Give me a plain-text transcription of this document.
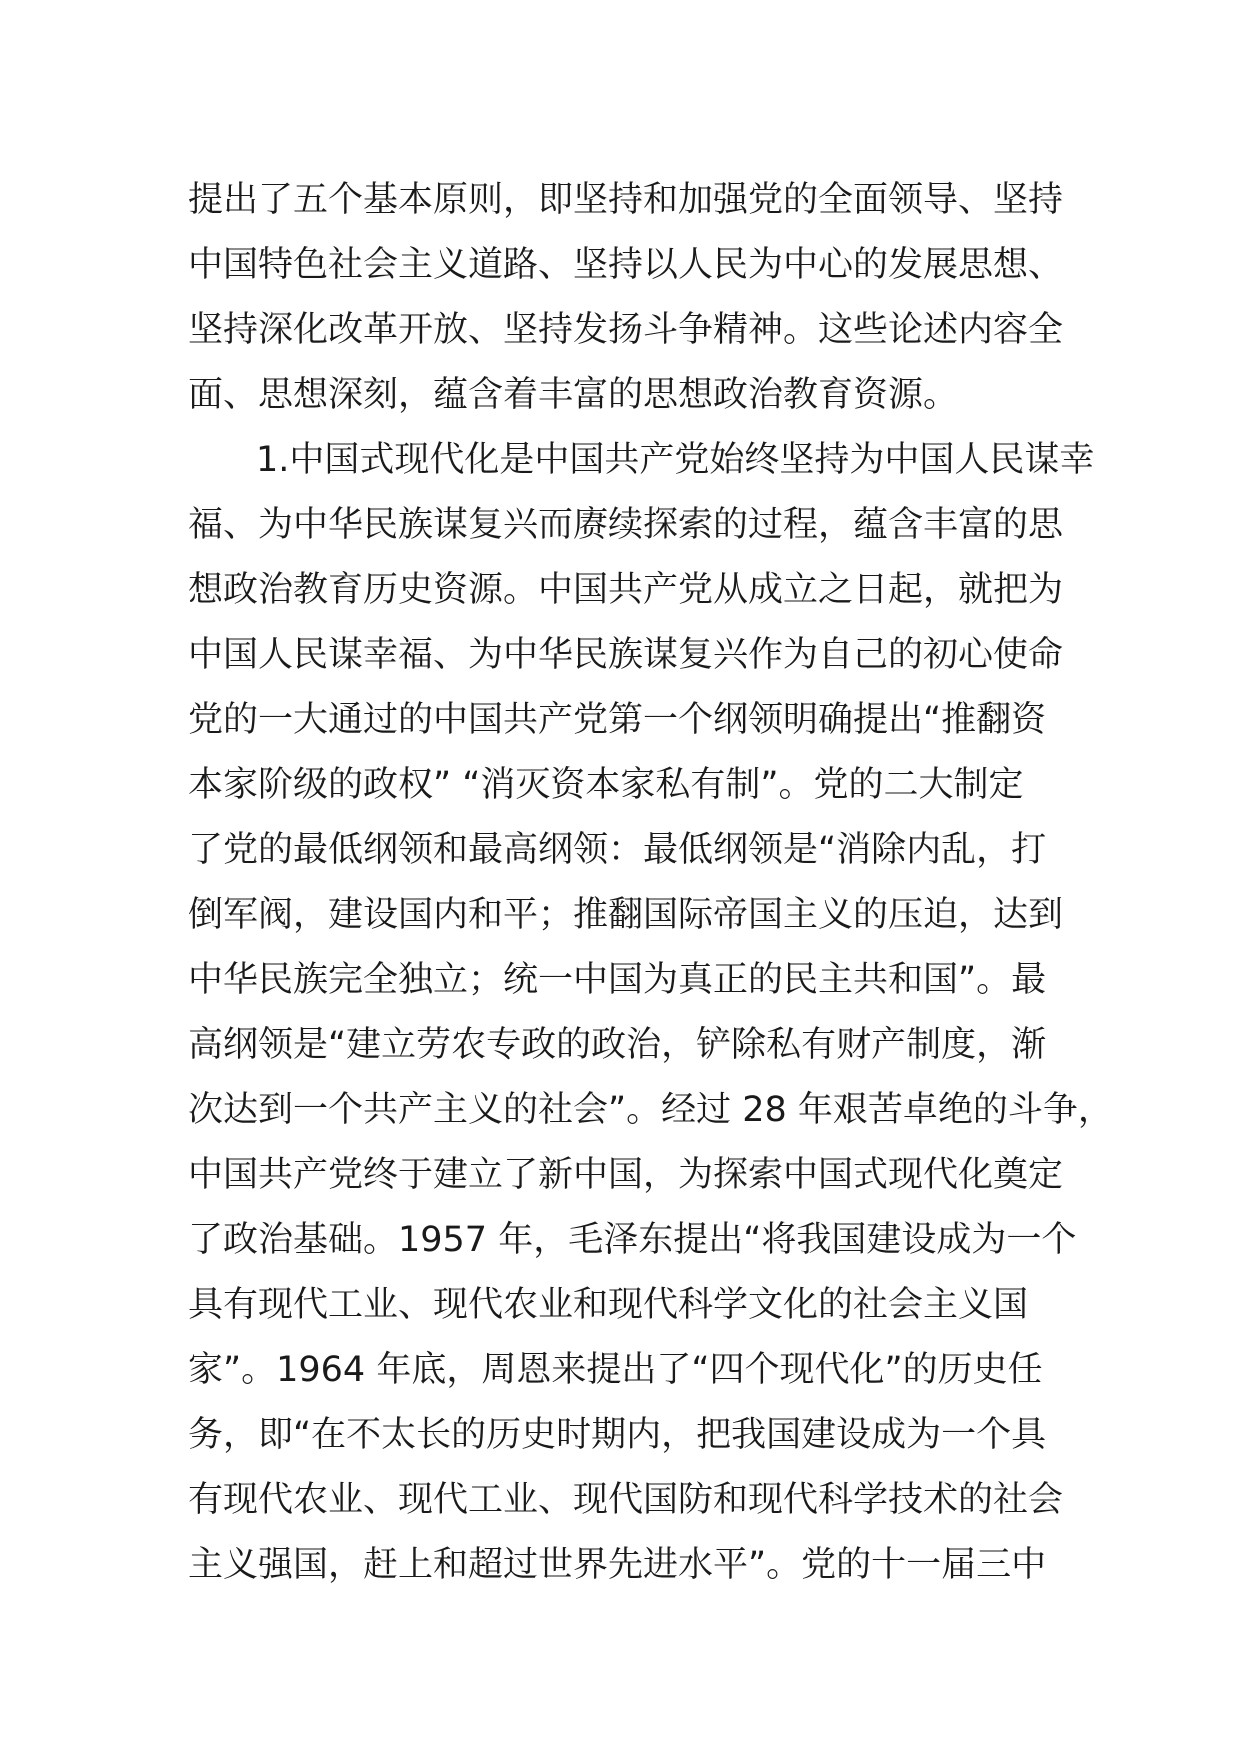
提出了五个基本原则，即坚持和加强党的全面领导、坚持
中国特色社会主义道路、坚持以人民为中心的发展思想、
坚持深化改革开放、坚持发扬斗争精神。这些论述内容全
面、思想深刻，蕴含着丰富的思想政治教育资源。
1.中国式现代化是中国共产党始终坚持为中国人民谋幸
福、为中华民族谋复兴而赓续探索的过程，蕴含丰富的思
想政治教育历史资源。中国共产党从成立之日起，就把为
中国人民谋幸福、为中华民族谋复兴作为自己的初心使命
党的一大通过的中国共产党第一个纲领明确提出“推翻资
本家阶级的政权” “消灭资本家私有制”。党的二大制定
了党的最低纲领和最高纲领：最低纲领是“消除内乱，打
倒军阀，建设国内和平；推翻国际帝国主义的压迫，达到
中华民族完全独立；统一中国为真正的民主共和国”。最
高纲领是“建立劳农专政的政治，铲除私有财产制度，渐
次达到一个共产主义的社会”。经过 28 年艰苦卓绝的斗争，
中国共产党终于建立了新中国，为探索中国式现代化奠定
了政治基础。1957 年，毛泽东提出“将我国建设成为一个
具有现代工业、现代农业和现代科学文化的社会主义国
家”。1964 年底，周恩来提出了“四个现代化”的历史任
务，即“在不太长的历史时期内，把我国建设成为一个具
有现代农业、现代工业、现代国防和现代科学技术的社会
主义强国，赶上和超过世界先进水平”。党的十一届三中
